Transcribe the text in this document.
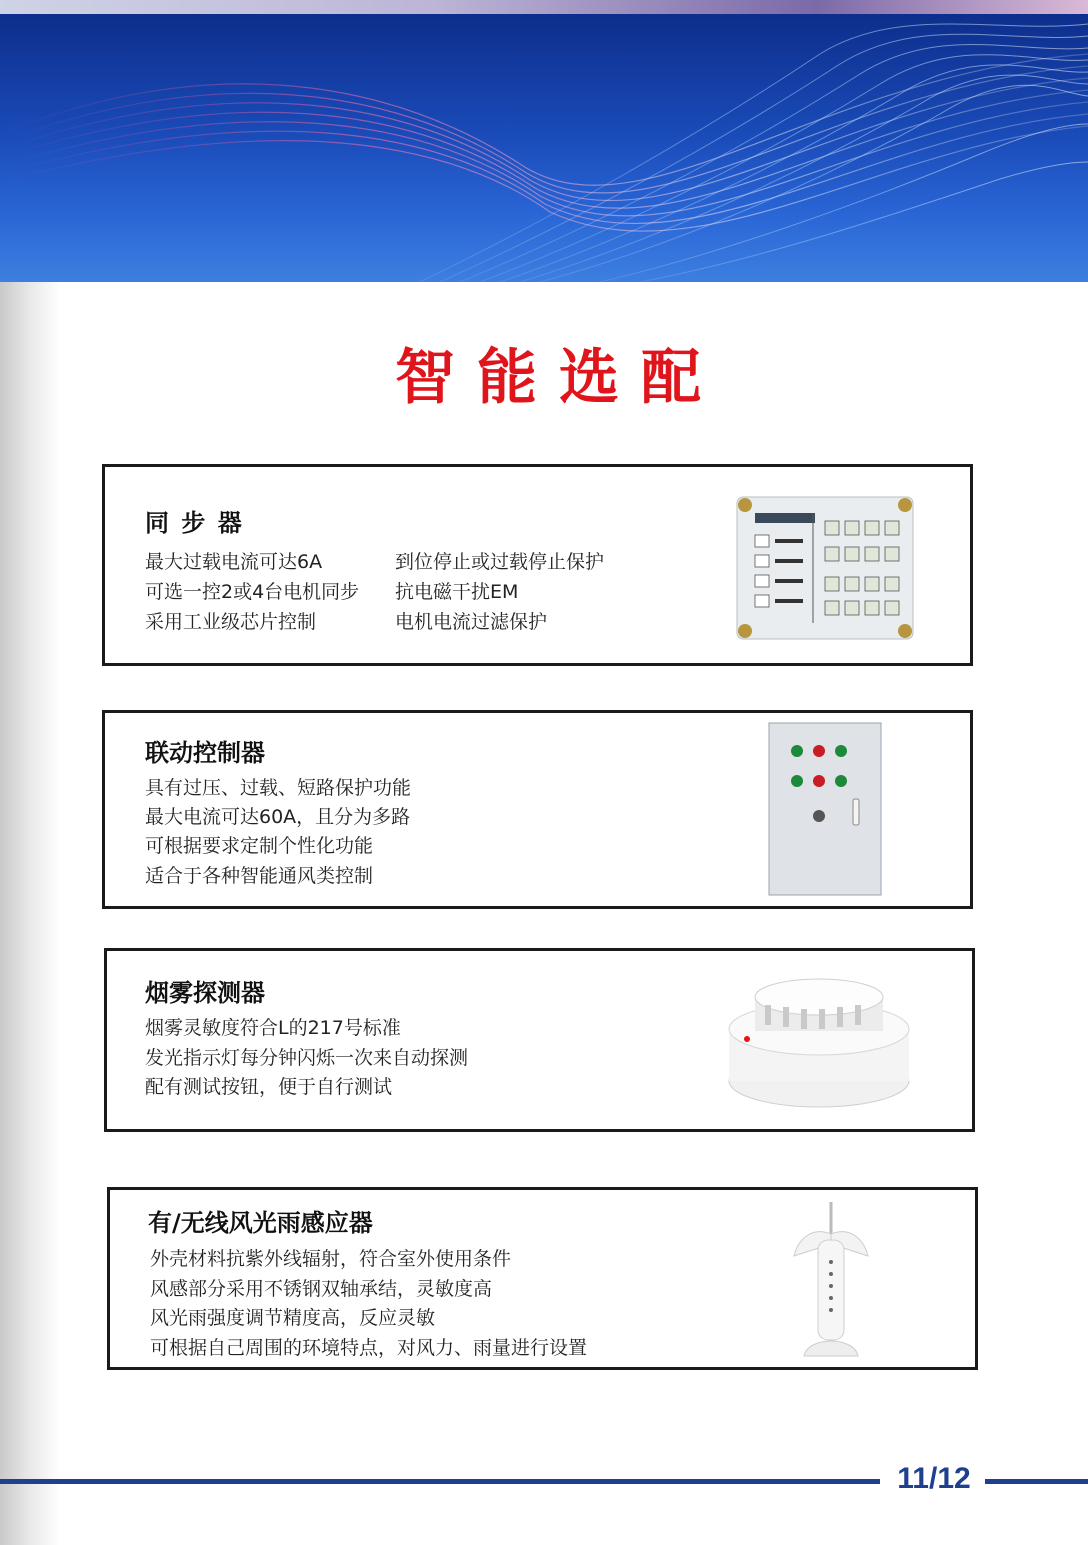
智能选配
同 步 器
最大过载电流可达6A
可选一控2或4台电机同步
采用工业级芯片控制
到位停止或过载停止保护
抗电磁干扰EM
电机电流过滤保护
联动控制器
具有过压、过载、短路保护功能
最大电流可达60A，且分为多路
可根据要求定制个性化功能
适合于各种智能通风类控制
烟雾探测器
烟雾灵敏度符合L的217号标准
发光指示灯每分钟闪烁一次来自动探测
配有测试按钮，便于自行测试
有/无线风光雨感应器
外壳材料抗紫外线辐射，符合室外使用条件
风感部分采用不锈钢双轴承结，灵敏度高
风光雨强度调节精度高，反应灵敏
可根据自己周围的环境特点，对风力、雨量进行设置
11/12
